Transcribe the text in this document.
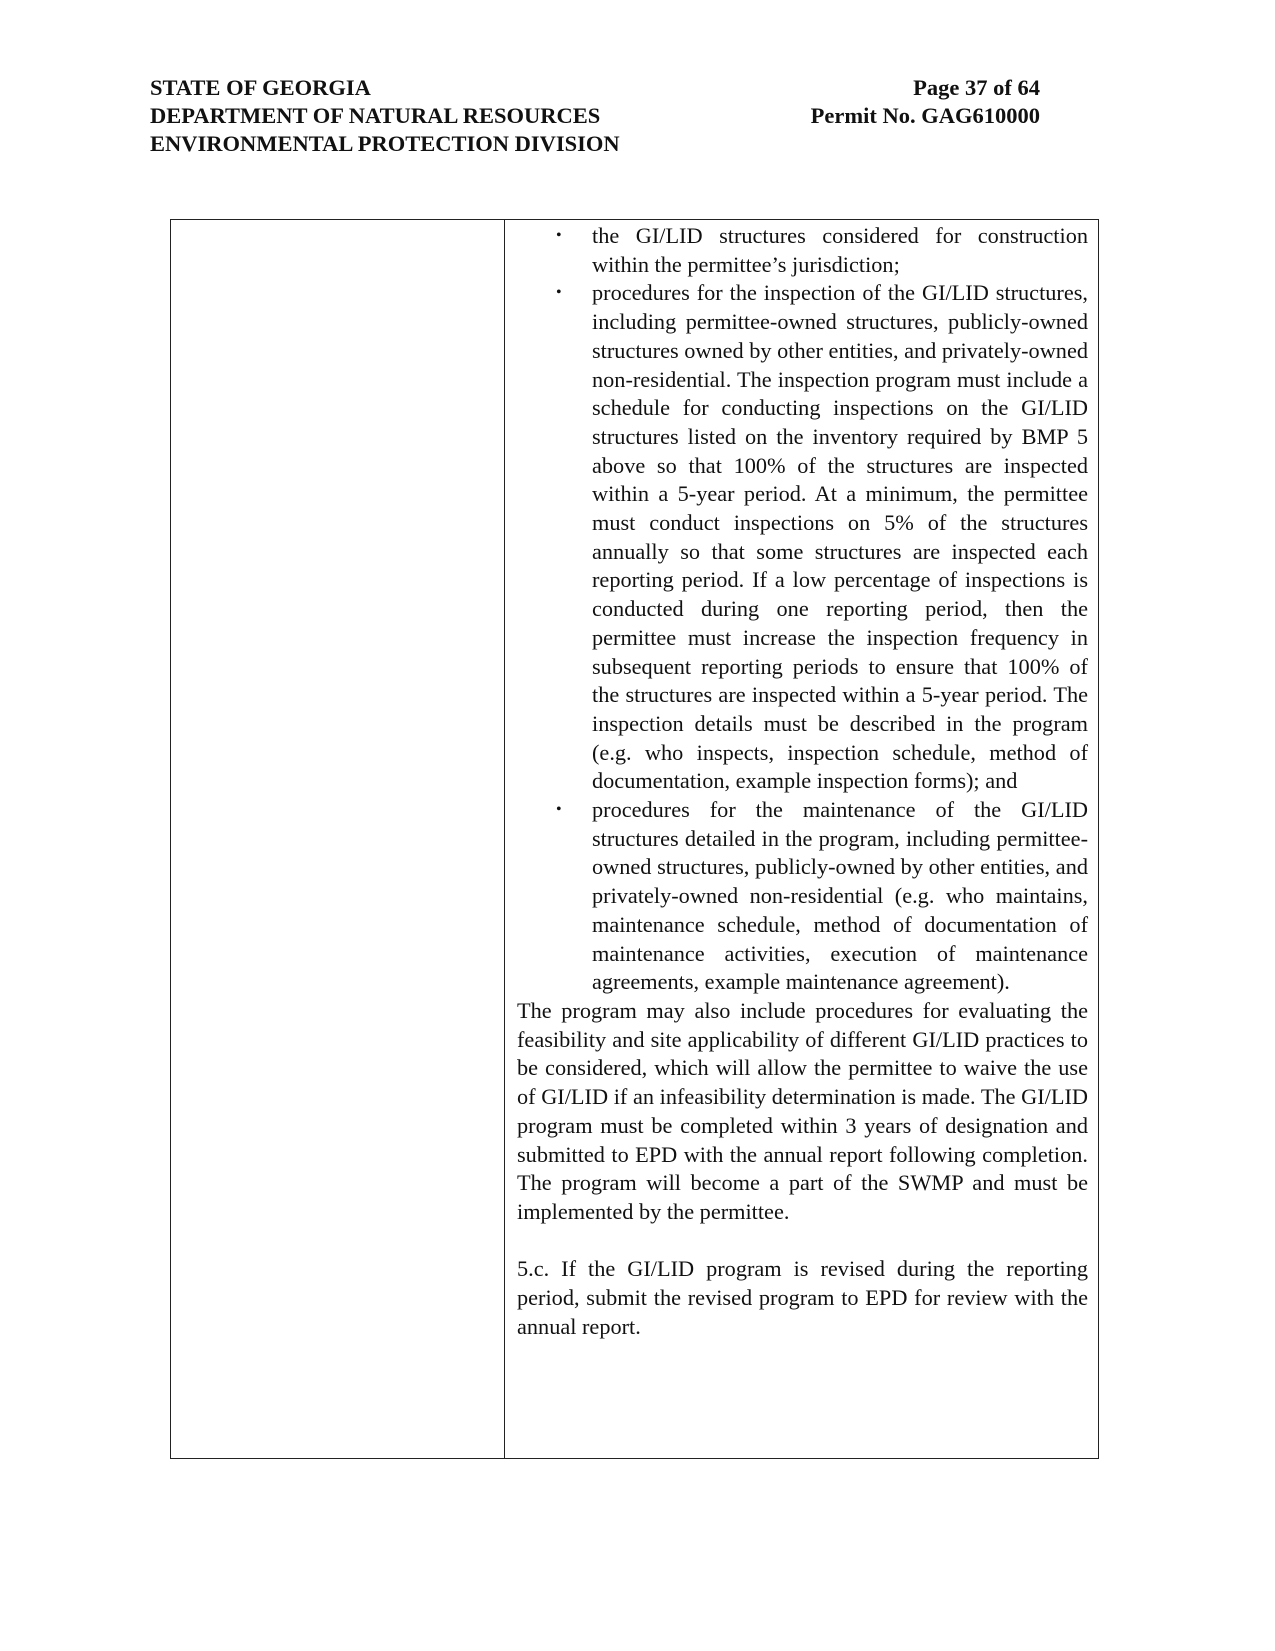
STATE OF GEORGIA
DEPARTMENT OF NATURAL RESOURCES
ENVIRONMENTAL PROTECTION DIVISION
Page 37 of 64
Permit No. GAG610000
• the GI/LID structures considered for construction within the permittee’s jurisdiction;
• procedures for the inspection of the GI/LID structures, including permittee-owned structures, publicly-owned structures owned by other entities, and privately-owned non-residential. The inspection program must include a schedule for conducting inspections on the GI/LID structures listed on the inventory required by BMP 5 above so that 100% of the structures are inspected within a 5-year period. At a minimum, the permittee must conduct inspections on 5% of the structures annually so that some structures are inspected each reporting period. If a low percentage of inspections is conducted during one reporting period, then the permittee must increase the inspection frequency in subsequent reporting periods to ensure that 100% of the structures are inspected within a 5-year period. The inspection details must be described in the program (e.g. who inspects, inspection schedule, method of documentation, example inspection forms); and
• procedures for the maintenance of the GI/LID structures detailed in the program, including permittee-owned structures, publicly-owned by other entities, and privately-owned non-residential (e.g. who maintains, maintenance schedule, method of documentation of maintenance activities, execution of maintenance agreements, example maintenance agreement).

The program may also include procedures for evaluating the feasibility and site applicability of different GI/LID practices to be considered, which will allow the permittee to waive the use of GI/LID if an infeasibility determination is made. The GI/LID program must be completed within 3 years of designation and submitted to EPD with the annual report following completion. The program will become a part of the SWMP and must be implemented by the permittee.

5.c. If the GI/LID program is revised during the reporting period, submit the revised program to EPD for review with the annual report.
